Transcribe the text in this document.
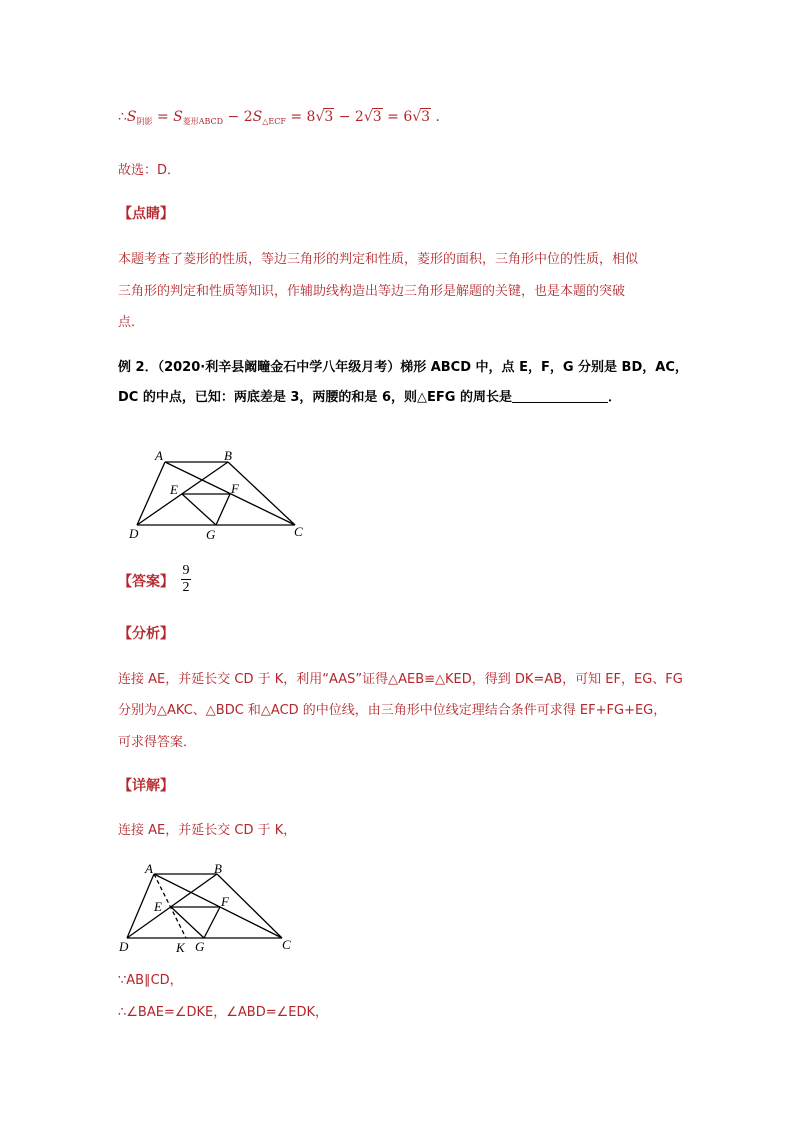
$\therefore S_{阴影} = S_{菱形ABCD} - 2S_{\triangle ECF} = 8√3 - 2√3 = 6√3$ .
故选：D．
【点睛】
本题考查了菱形的性质，等边三角形的判定和性质，菱形的面积，三角形中位的性质，相似
三角形的判定和性质等知识，作辅助线构造出等边三角形是解题的关键，也是本题的突破
点．
例 2．（2020·利辛县阚疃金石中学八年级月考）梯形 ABCD 中，点 E，F，G 分别是 BD，AC，
DC 的中点，已知：两底差是 3，两腰的和是 6，则△EFG 的周长是	．
A	B
E	F
D	G	C
【答案】
9
2
【分析】
连接 AE，并延长交 CD 于 K，利用“AAS”证得△AEB≌△KED，得到 DK=AB，可知 EF，EG、FG
分别为△AKC、△BDC 和△ACD 的中位线，由三角形中位线定理结合条件可求得 EF+FG+EG，
可求得答案．
【详解】
连接 AE，并延长交 CD 于 K，
A	B
E	F
D	K G	C
∵AB∥CD，
∴∠BAE=∠DKE，∠ABD=∠EDK，
